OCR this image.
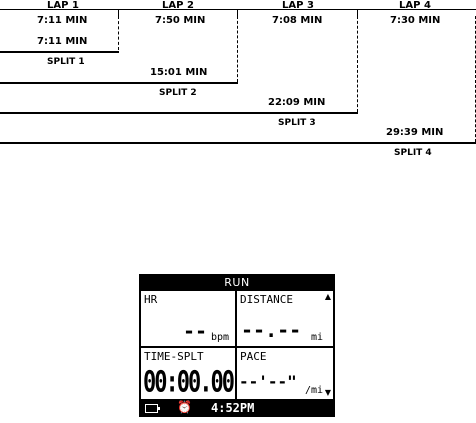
LAP 1	LAP 2	LAP 3	LAP 4
7:11 MIN	7:50 MIN	7:08 MIN	7:30 MIN
7:11 MIN
SPLIT 1
15:01 MIN
SPLIT 2
22:09 MIN
SPLIT 3
29:39 MIN
SPLIT 4
RUN
HR
-- bpm
DISTANCE	▲
--.-- mi
TIME-SPLT
00:00.00
PACE
--'--" /mi ▼
⏰ 4:52PM
